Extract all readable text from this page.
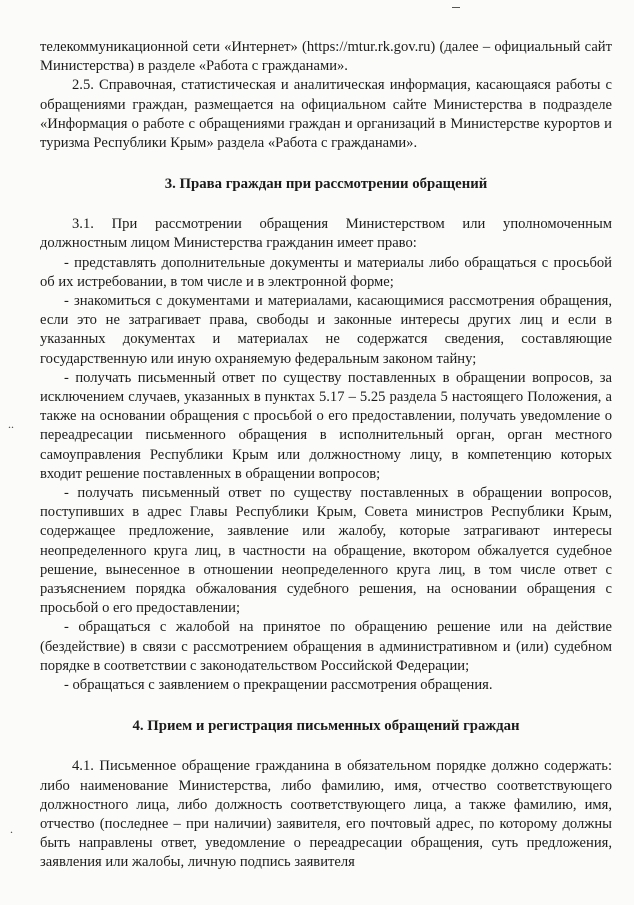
..
.

телекоммуникационной сети «Интернет» (https://mtur.rk.gov.ru) (далее – официальный сайт Министерства) в разделе «Работа с гражданами».

2.5. Справочная, статистическая и аналитическая информация, касающаяся работы с обращениями граждан, размещается на официальном сайте Министерства в подразделе «Информация о работе с обращениями граждан и организаций в Министерстве курортов и туризма Республики Крым» раздела «Работа с гражданами».

3. Права граждан при рассмотрении обращений

3.1. При рассмотрении обращения Министерством или уполномоченным должностным лицом Министерства гражданин имеет право:

- представлять дополнительные документы и материалы либо обращаться с просьбой об их истребовании, в том числе и в электронной форме;

- знакомиться с документами и материалами, касающимися рассмотрения обращения, если это не затрагивает права, свободы и законные интересы других лиц и если в указанных документах и материалах не содержатся сведения, составляющие государственную или иную охраняемую федеральным законом тайну;

- получать письменный ответ по существу поставленных в обращении вопросов, за исключением случаев, указанных в пунктах 5.17 – 5.25 раздела 5 настоящего Положения, а также на основании обращения с просьбой о его предоставлении, получать уведомление о переадресации письменного обращения в исполнительный орган, орган местного самоуправления Республики Крым или должностному лицу, в компетенцию которых входит решение поставленных в обращении вопросов;

- получать письменный ответ по существу поставленных в обращении вопросов, поступивших в адрес Главы Республики Крым, Совета министров Республики Крым, содержащее предложение, заявление или жалобу, которые затрагивают интересы неопределенного круга лиц, в частности на обращение, вкотором обжалуется судебное решение, вынесенное в отношении неопределенного круга лиц, в том числе ответ с разъяснением порядка обжалования судебного решения, на основании обращения с просьбой о его предоставлении;

- обращаться с жалобой на принятое по обращению решение или на действие (бездействие) в связи с рассмотрением обращения в административном и (или) судебном порядке в соответствии с законодательством Российской Федерации;

- обращаться с заявлением о прекращении рассмотрения обращения.

4. Прием и регистрация письменных обращений граждан

4.1. Письменное обращение гражданина в обязательном порядке должно содержать: либо наименование Министерства, либо фамилию, имя, отчество соответствующего должностного лица, либо должность соответствующего лица, а также фамилию, имя, отчество (последнее – при наличии) заявителя, его почтовый адрес, по которому должны быть направлены ответ, уведомление о переадресации обращения, суть предложения, заявления или жалобы, личную подпись заявителя
